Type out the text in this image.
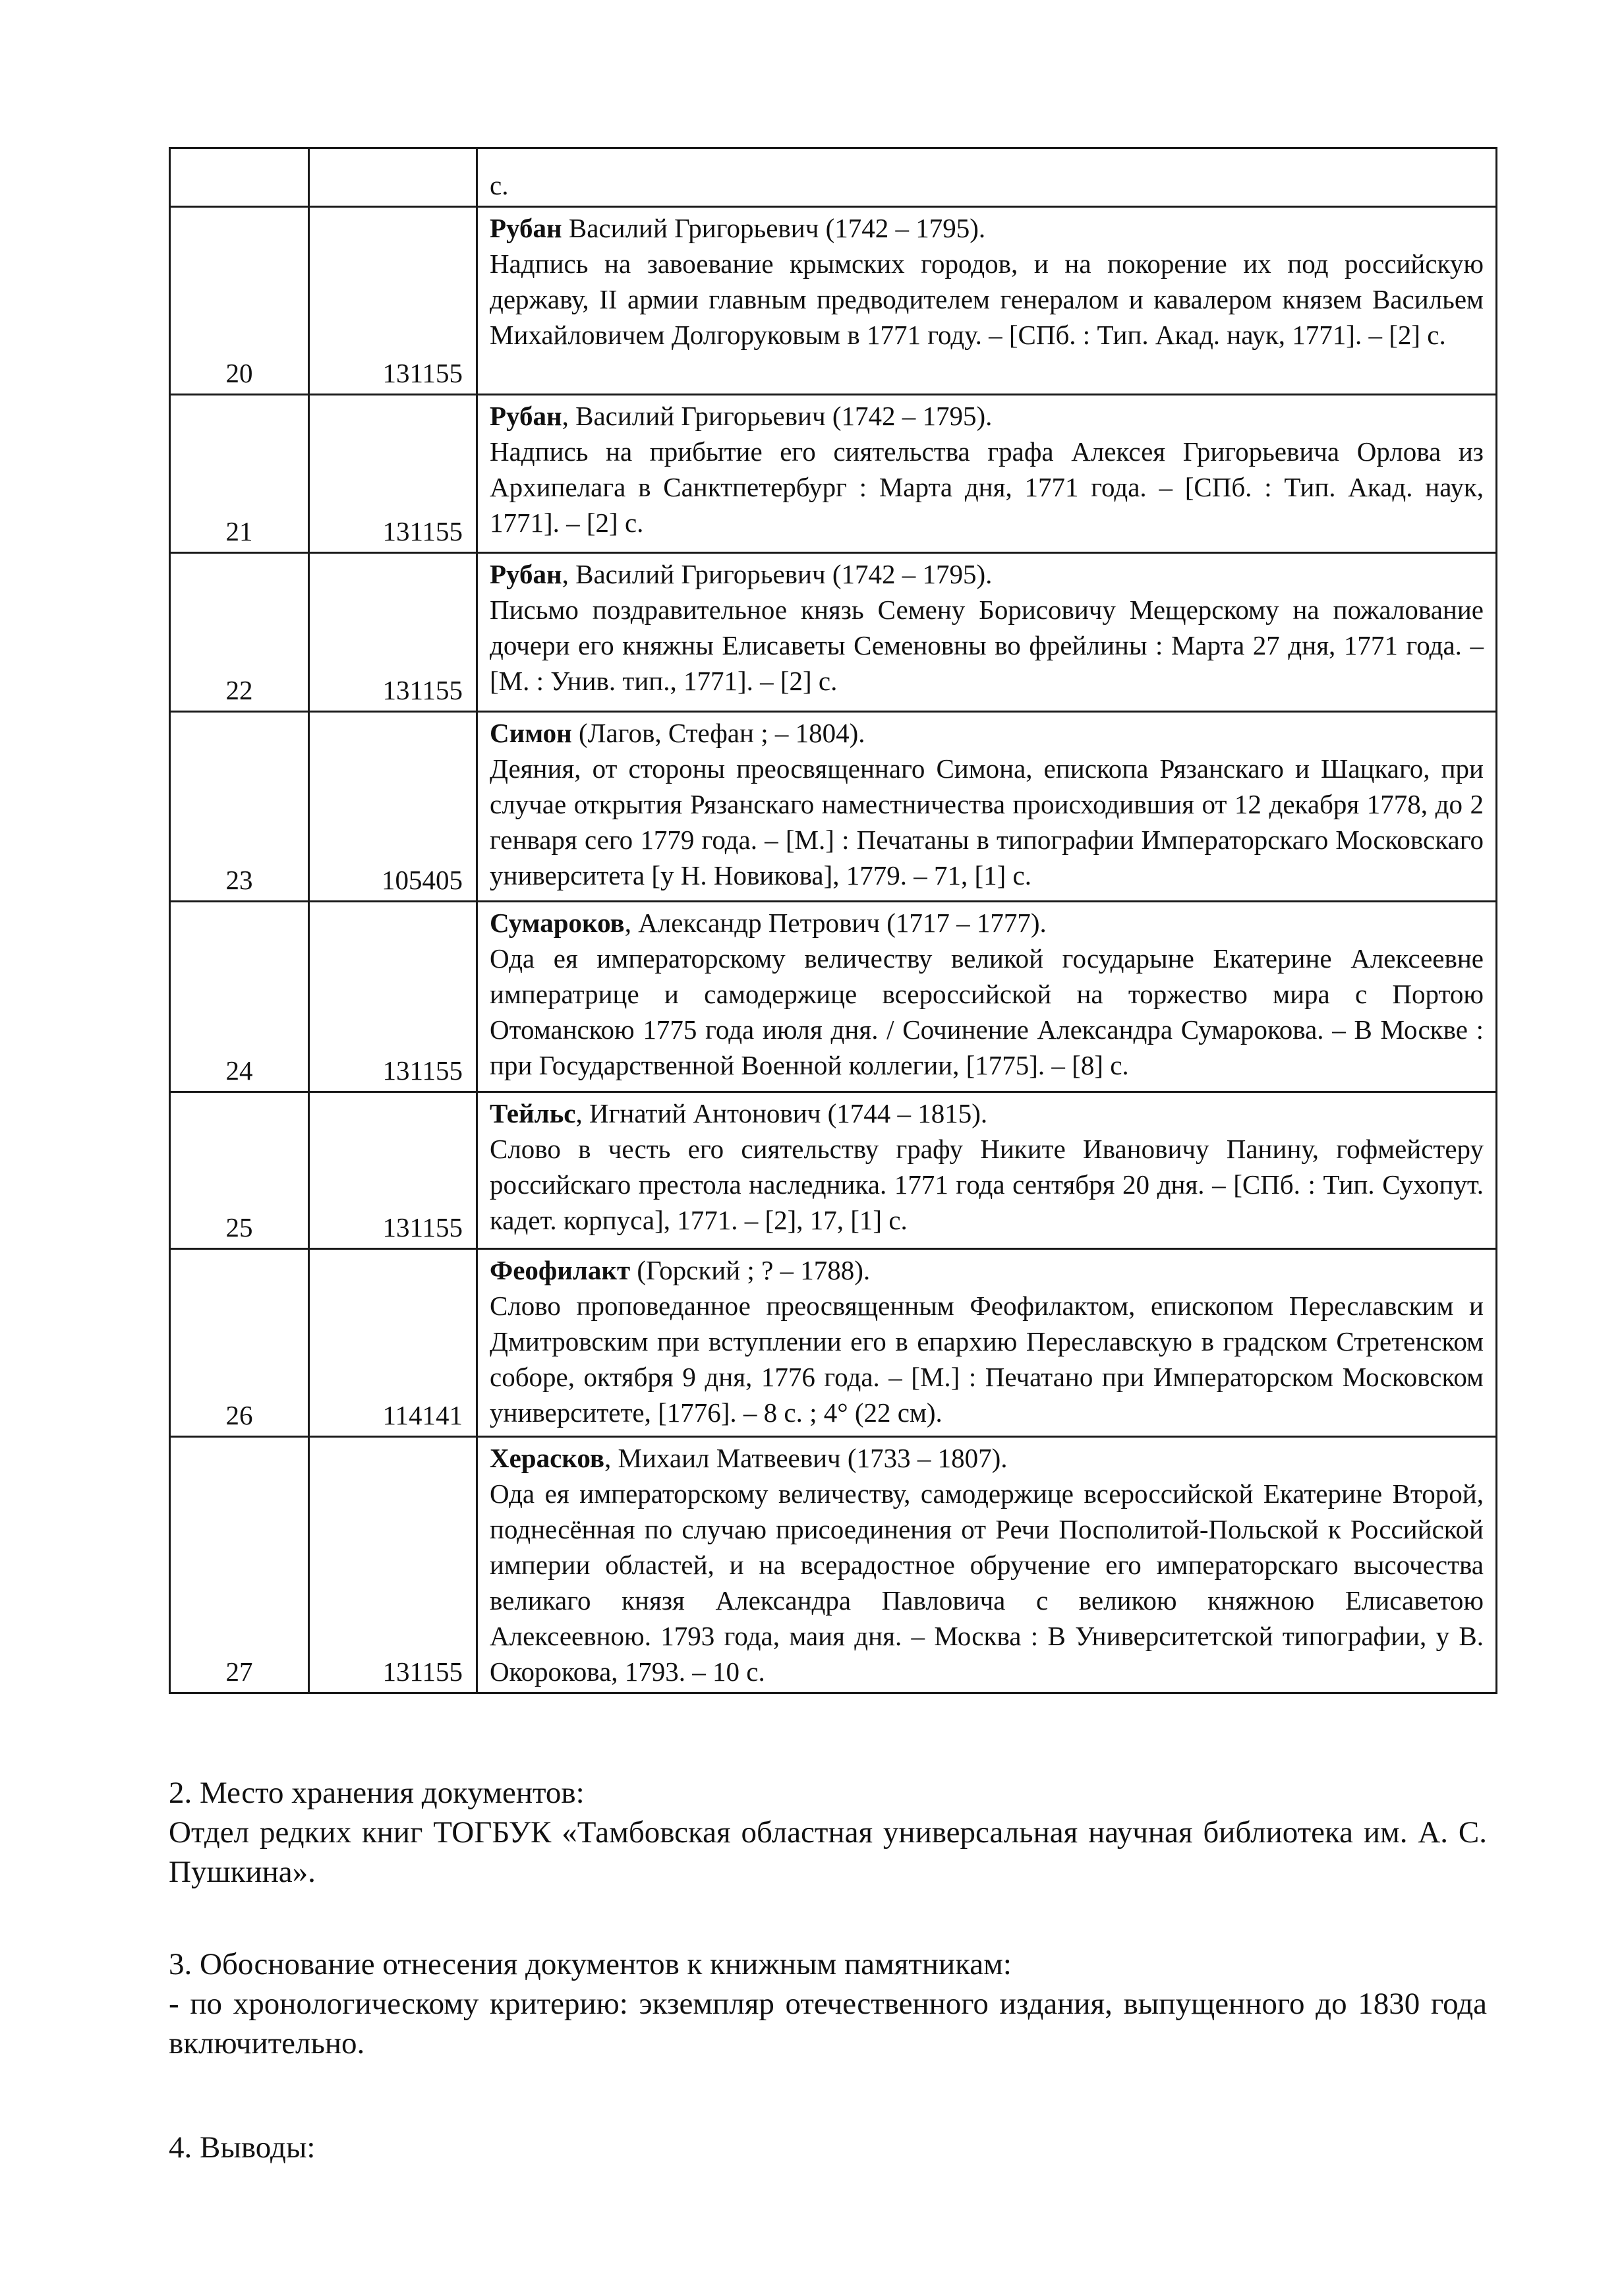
		с.
20	131155	Рубан Василий Григорьевич (1742 – 1795).
Надпись на завоевание крымских городов, и на покорение их под российскую державу, II армии главным предводителем генералом и кавалером князем Васильем Михайловичем Долгоруковым в 1771 году. – [СПб. : Тип. Акад. наук, 1771]. – [2] с.
21	131155	Рубан, Василий Григорьевич (1742 – 1795).
Надпись на прибытие его сиятельства графа Алексея Григорьевича Орлова из Архипелага в Санктпетербург : Марта дня, 1771 года. – [СПб. : Тип. Акад. наук, 1771]. – [2] с.
22	131155	Рубан, Василий Григорьевич (1742 – 1795).
Письмо поздравительное князь Семену Борисовичу Мещерскому на пожалование дочери его княжны Елисаветы Семеновны во фрейлины : Марта 27 дня, 1771 года. – [М. : Унив. тип., 1771]. – [2] с.
23	105405	Симон (Лагов, Стефан ; – 1804).
Деяния, от стороны преосвященнаго Симона, епископа Рязанскаго и Шацкаго, при случае открытия Рязанскаго наместничества происходившия от 12 декабря 1778, до 2 генваря сего 1779 года. – [М.] : Печатаны в типографии Императорскаго Московскаго университета [у Н. Новикова], 1779. – 71, [1] с.
24	131155	Сумароков, Александр Петрович (1717 – 1777).
Ода ея императорскому величеству великой государыне Екатерине Алексеевне императрице и самодержице всероссийской на торжество мира с Портою Отоманскою 1775 года июля дня. / Сочинение Александра Сумарокова. – В Москве : при Государственной Военной коллегии, [1775]. – [8] с.
25	131155	Тейльс, Игнатий Антонович (1744 – 1815).
Слово в честь его сиятельству графу Никите Ивановичу Панину, гофмейстеру российскаго престола наследника. 1771 года сентября 20 дня. – [СПб. : Тип. Сухопут. кадет. корпуса], 1771. – [2], 17, [1] с.
26	114141	Феофилакт (Горский ; ? – 1788).
Слово проповеданное преосвященным Феофилактом, епископом Переславским и Дмитровским при вступлении его в епархию Переславскую в градском Стретенском соборе, октября 9 дня, 1776 года. – [М.] : Печатано при Императорском Московском университете, [1776]. – 8 с. ; 4° (22 см).
27	131155	Херасков, Михаил Матвеевич (1733 – 1807).
Ода ея императорскому величеству, самодержице всероссийской Екатерине Второй, поднесённая по случаю присоединения от Речи Посполитой-Польской к Российской империи областей, и на всерадостное обручение его императорскаго высочества великаго князя Александра Павловича с великою княжною Елисаветою Алексеевною. 1793 года, маия дня. – Москва : В Университетской типографии, у В. Окорокова, 1793. – 10 с.

2. Место хранения документов:

Отдел редких книг ТОГБУК «Тамбовская областная универсальная научная библиотека им. А. С. Пушкина».

3. Обоснование отнесения документов к книжным памятникам:

- по хронологическому критерию: экземпляр отечественного издания, выпущенного до 1830 года включительно.

4. Выводы:
